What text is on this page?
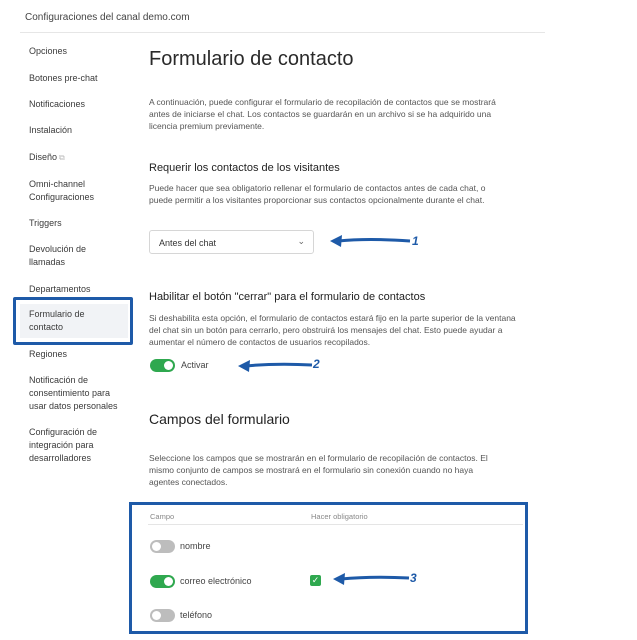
Configuraciones del canal demo.com
Opciones
Botones pre-chat
Notificaciones
Instalación
Diseño ⧉
Omni-channel Configuraciones
Triggers
Devolución de llamadas
Departamentos
Formulario de contacto
Regiones
Notificación de consentimiento para usar datos personales
Configuración de integración para desarrolladores
Formulario de contacto

A continuación, puede configurar el formulario de recopilación de contactos que se mostrará antes de iniciarse el chat. Los contactos se guardarán en un archivo si se ha adquirido una licencia premium previamente.

Requerir los contactos de los visitantes

Puede hacer que sea obligatorio rellenar el formulario de contactos antes de cada chat, o puede permitir a los visitantes proporcionar sus contactos opcionalmente durante el chat.

Antes del chat	⌄

Habilitar el botón "cerrar" para el formulario de contactos

Si deshabilita esta opción, el formulario de contactos estará fijo en la parte superior de la ventana del chat sin un botón para cerrarlo, pero obstruirá los mensajes del chat. Esto puede ayudar a aumentar el número de contactos de usuarios recopilados.

Activar

Campos del formulario

Seleccione los campos que se mostrarán en el formulario de recopilación de contactos. El mismo conjunto de campos se mostrará en el formulario sin conexión cuando no haya agentes conectados.

Campo	Hacer obligatorio
nombre
correo electrónico	✓
teléfono
1
2
3
